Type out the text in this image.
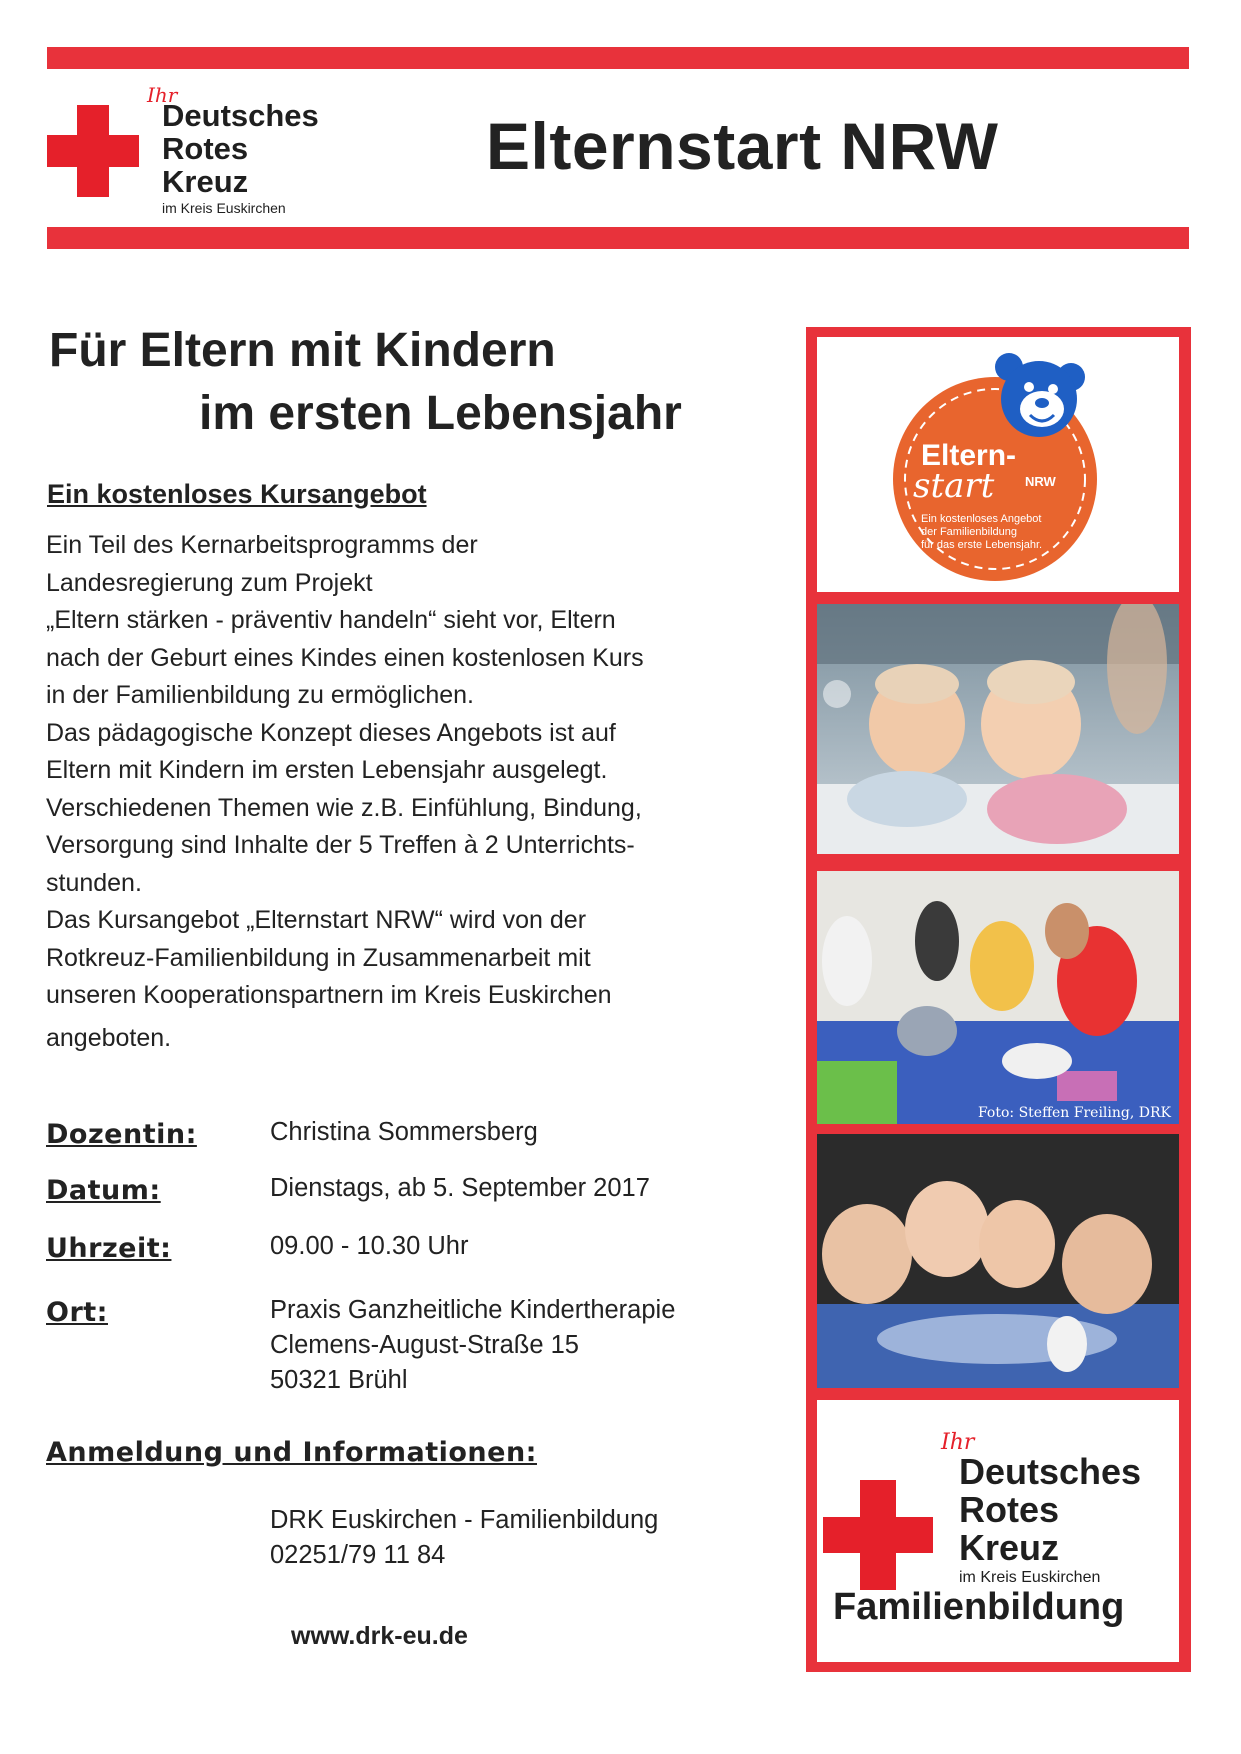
Ihr
Deutsches
Rotes
Kreuz
im Kreis Euskirchen
Elternstart NRW
Für Eltern mit Kindern
im ersten Lebensjahr
Ein kostenloses Kursangebot
Ein Teil des Kernarbeitsprogramms der
Landesregierung zum Projekt
„Eltern stärken - präventiv handeln“ sieht vor, Eltern
nach der Geburt eines Kindes einen kostenlosen Kurs
in der Familienbildung zu ermöglichen.
Das pädagogische Konzept dieses Angebots ist auf
Eltern mit Kindern im ersten Lebensjahr ausgelegt.
Verschiedenen Themen wie z.B. Einfühlung, Bindung,
Versorgung sind Inhalte der 5 Treffen à 2 Unterrichts-
stunden.
Das Kursangebot „Elternstart NRW“ wird von der
Rotkreuz-Familienbildung in Zusammenarbeit mit
unseren Kooperationspartnern im Kreis Euskirchen
angeboten.
Dozentin:	Christina Sommersberg
Datum:	Dienstags, ab 5. September 2017
Uhrzeit:	09.00 - 10.30 Uhr
Ort:	Praxis Ganzheitliche Kindertherapie
Clemens-August-Straße 15
50321 Brühl
Anmeldung und Informationen:
DRK Euskirchen - Familienbildung
02251/79 11 84
www.drk-eu.de
Eltern-
start NRW
Ein kostenloses Angebot
der Familienbildung
für das erste Lebensjahr.
Foto: Steffen Freiling, DRK
Ihr
Deutsches
Rotes
Kreuz
im Kreis Euskirchen
Familienbildung
